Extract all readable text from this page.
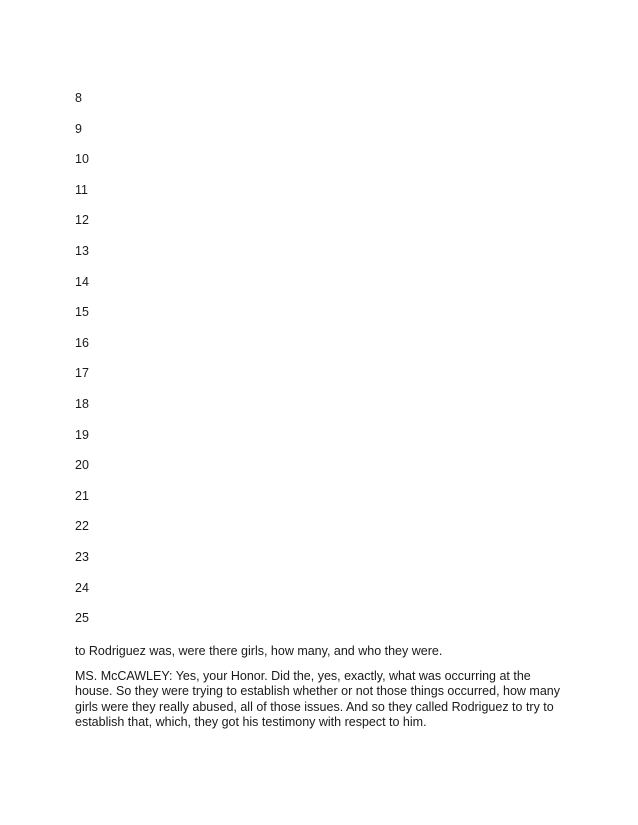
8
9
10
11
12
13
14
15
16
17
18
19
20
21
22
23
24
25

to Rodriguez was, were there girls, how many, and who they were.

MS. McCAWLEY: Yes, your Honor. Did the, yes, exactly, what was occurring at the house. So they were trying to establish whether or not those things occurred, how many girls were they really abused, all of those issues. And so they called Rodriguez to try to establish that, which, they got his testimony with respect to him.
